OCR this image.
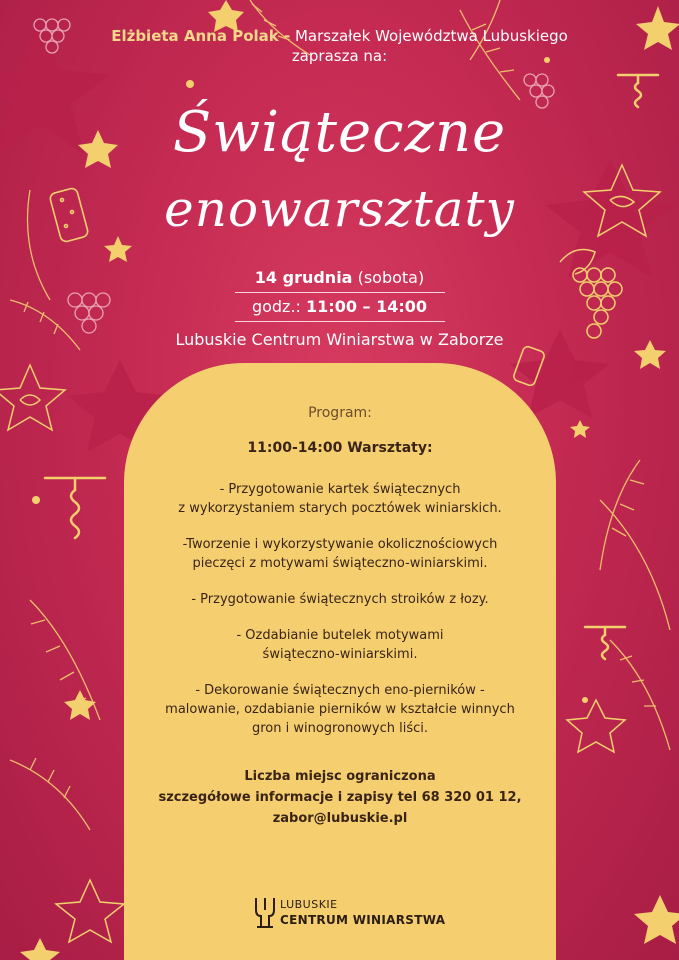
Elżbieta Anna Polak - Marszałek Województwa Lubuskiego
zaprasza na:
Świąteczne
enowarsztaty
14 grudnia (sobota)
godz.: 11:00 – 14:00
Lubuskie Centrum Winiarstwa w Zaborze
Program:
11:00-14:00 Warsztaty:
- Przygotowanie kartek świątecznych
z wykorzystaniem starych pocztówek winiarskich.
-Tworzenie i wykorzystywanie okolicznościowych
pieczęci z motywami świąteczno-winiarskimi.
- Przygotowanie świątecznych stroików z łozy.
- Ozdabianie butelek motywami
świąteczno-winiarskimi.
- Dekorowanie świątecznych eno-pierników -
malowanie, ozdabianie pierników w kształcie winnych
gron i winogronowych liści.
Liczba miejsc ograniczona
szczegółowe informacje i zapisy tel 68 320 01 12,
zabor@lubuskie.pl
LUBUSKIE
CENTRUM WINIARSTWA
